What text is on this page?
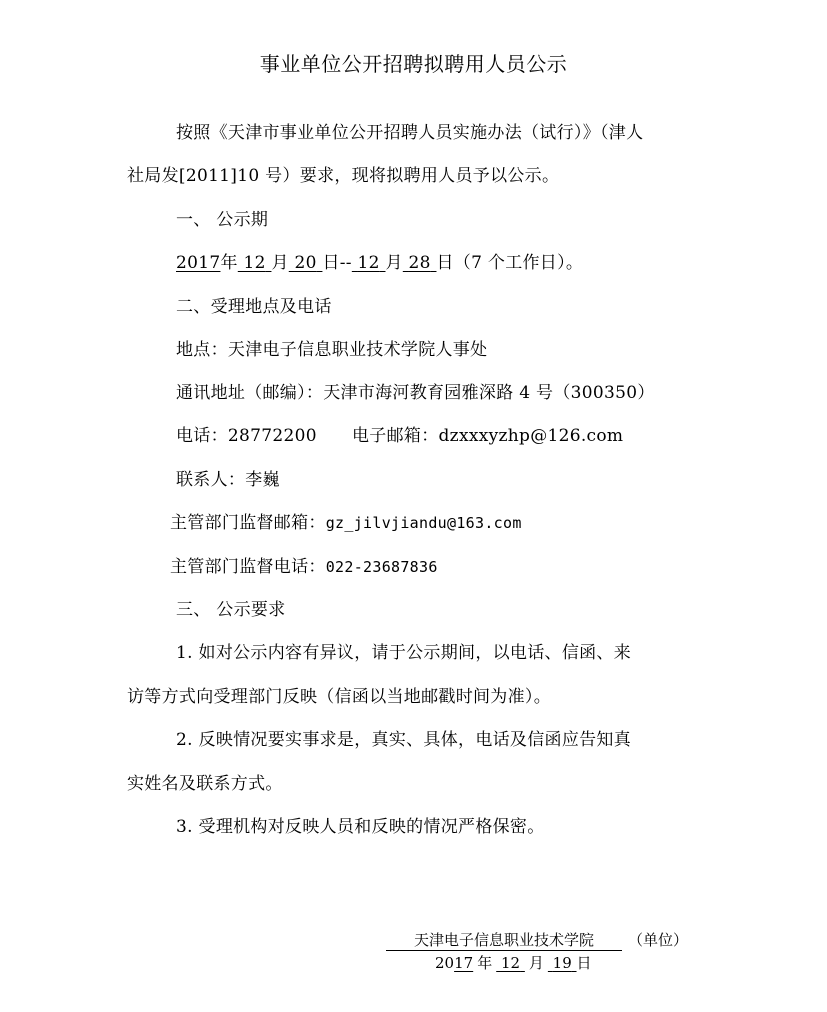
事业单位公开招聘拟聘用人员公示
按照《天津市事业单位公开招聘人员实施办法（试行）》（津人
社局发[2011]10 号）要求，现将拟聘用人员予以公示。
一、 公示期
2017年 12 月 20 日-- 12 月 28 日（7 个工作日）。
二、受理地点及电话
地点：天津电子信息职业技术学院人事处
通讯地址（邮编）：天津市海河教育园雅深路 4 号（300350）
电话：28772200 电子邮箱：dzxxxyzhp@126.com
联系人：李巍
主管部门监督邮箱：gz_jilvjiandu@163.com
主管部门监督电话：022-23687836
三、 公示要求
1. 如对公示内容有异议，请于公示期间，以电话、信函、来
访等方式向受理部门反映（信函以当地邮戳时间为准）。
2. 反映情况要实事求是，真实、具体，电话及信函应告知真
实姓名及联系方式。
3. 受理机构对反映人员和反映的情况严格保密。
天津电子信息职业技术学院 （单位）
2017 年 12 月 19 日
